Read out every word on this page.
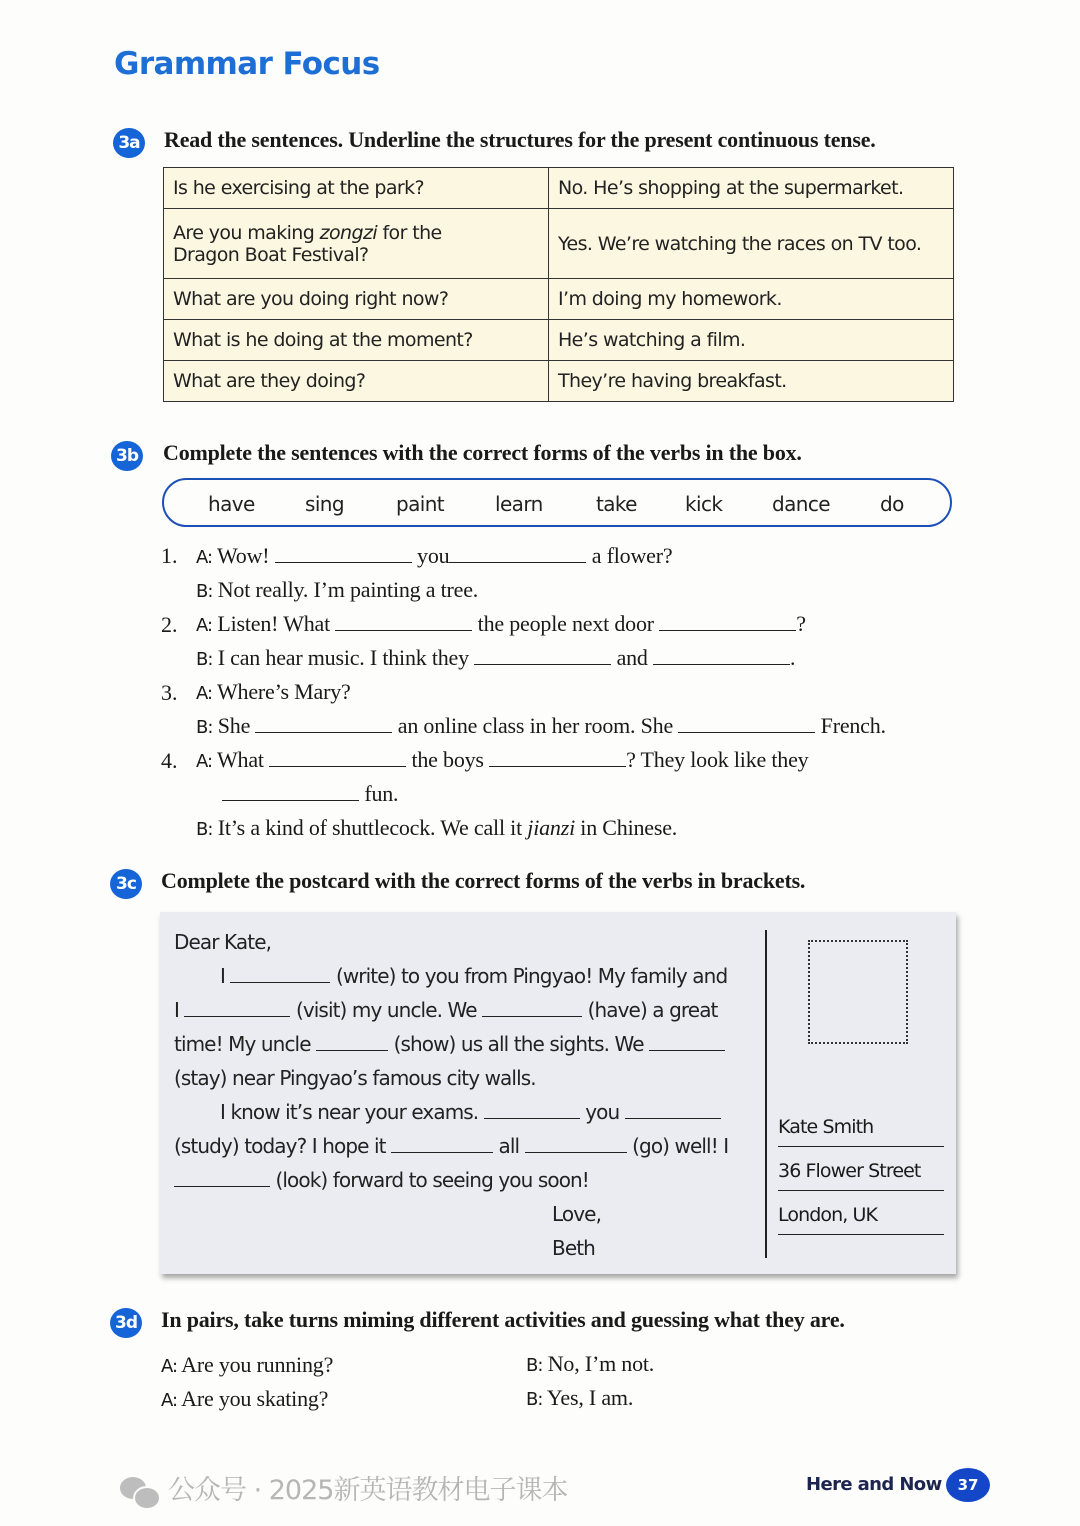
Grammar Focus
3a Read the sentences. Underline the structures for the present continuous tense.
Is he exercising at the park?	No. He’s shopping at the supermarket.
Are you making zongzi for the
Dragon Boat Festival?	Yes. We’re watching the races on TV too.
What are you doing right now?	I’m doing my homework.
What is he doing at the moment?	He’s watching a film.
What are they doing?	They’re having breakfast.
3b Complete the sentences with the correct forms of the verbs in the box.
have	sing	paint	learn	take kick dance	do
1. A: Wow!	you	a flower?
B: Not really. I’m painting a tree.
2. A: Listen! What	the people next door	?
B: I can hear music. I think they	and	.
3. A: Where’s Mary?
B: She	an online class in her room. She	French.
4. A: What	the boys	? They look like they
fun.
B: It’s a kind of shuttlecock. We call it jianzi in Chinese.
3c Complete the postcard with the correct forms of the verbs in brackets.
Dear Kate,
I	(write) to you from Pingyao! My family and
I	(visit) my uncle. We	(have) a great
time! My uncle	(show) us all the sights. We
(stay) near Pingyao’s famous city walls.
I know it’s near your exams.	you
(study) today? I hope it	all	(go) well! I
(look) forward to seeing you soon!
Love,
Beth
Kate Smith
36 Flower Street
London, UK
3d In pairs, take turns miming different activities and guessing what they are.
A: Are you running?	B: No, I’m not.
A: Are you skating?	B: Yes, I am.
公众号 · 2025新英语教材电子课本	Here and Now	37
